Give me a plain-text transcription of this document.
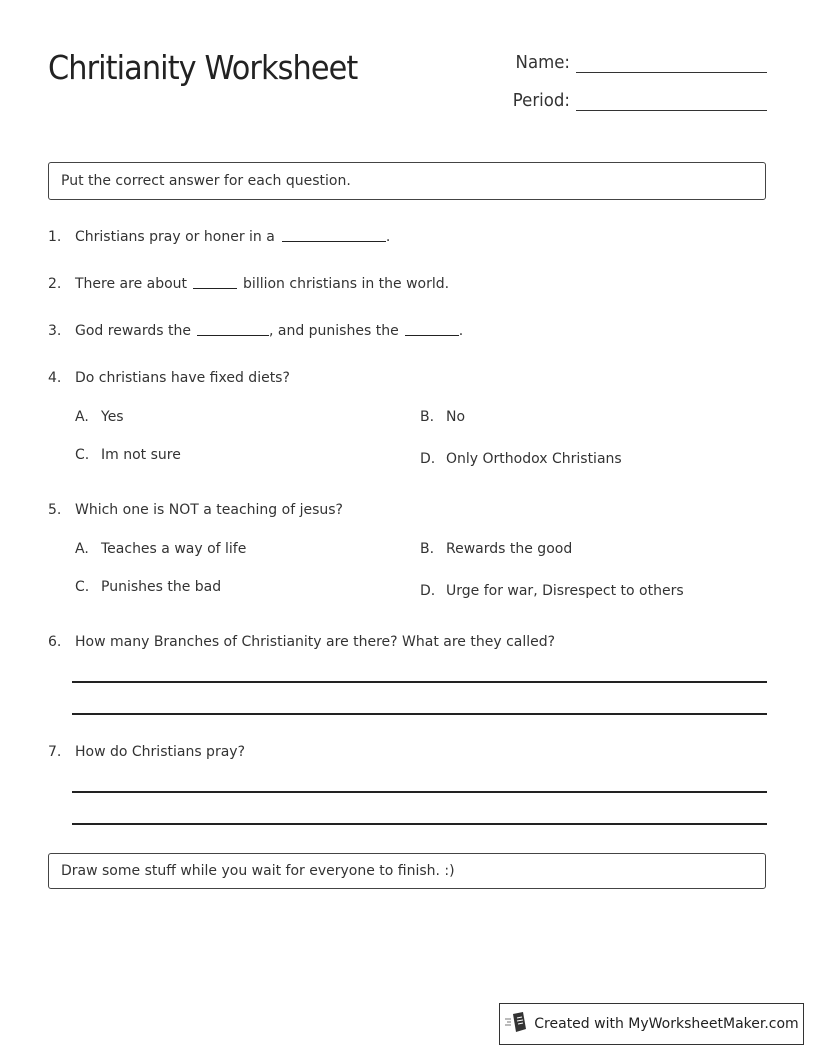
Chritianity Worksheet	Name:
Period:
Put the correct answer for each question.
1. Christians pray or honer in a	.
2. There are about	billion christians in the world.
3. God rewards the	, and punishes the	.
4. Do christians have fixed diets?
A. Yes	B. No
C. Im not sure	D. Only Orthodox Christians
5. Which one is NOT a teaching of jesus?
A. Teaches a way of life	B. Rewards the good
C. Punishes the bad	D. Urge for war, Disrespect to others
6. How many Branches of Christianity are there? What are they called?
7. How do Christians pray?
Draw some stuff while you wait for everyone to finish. :)
Created with MyWorksheetMaker.com
